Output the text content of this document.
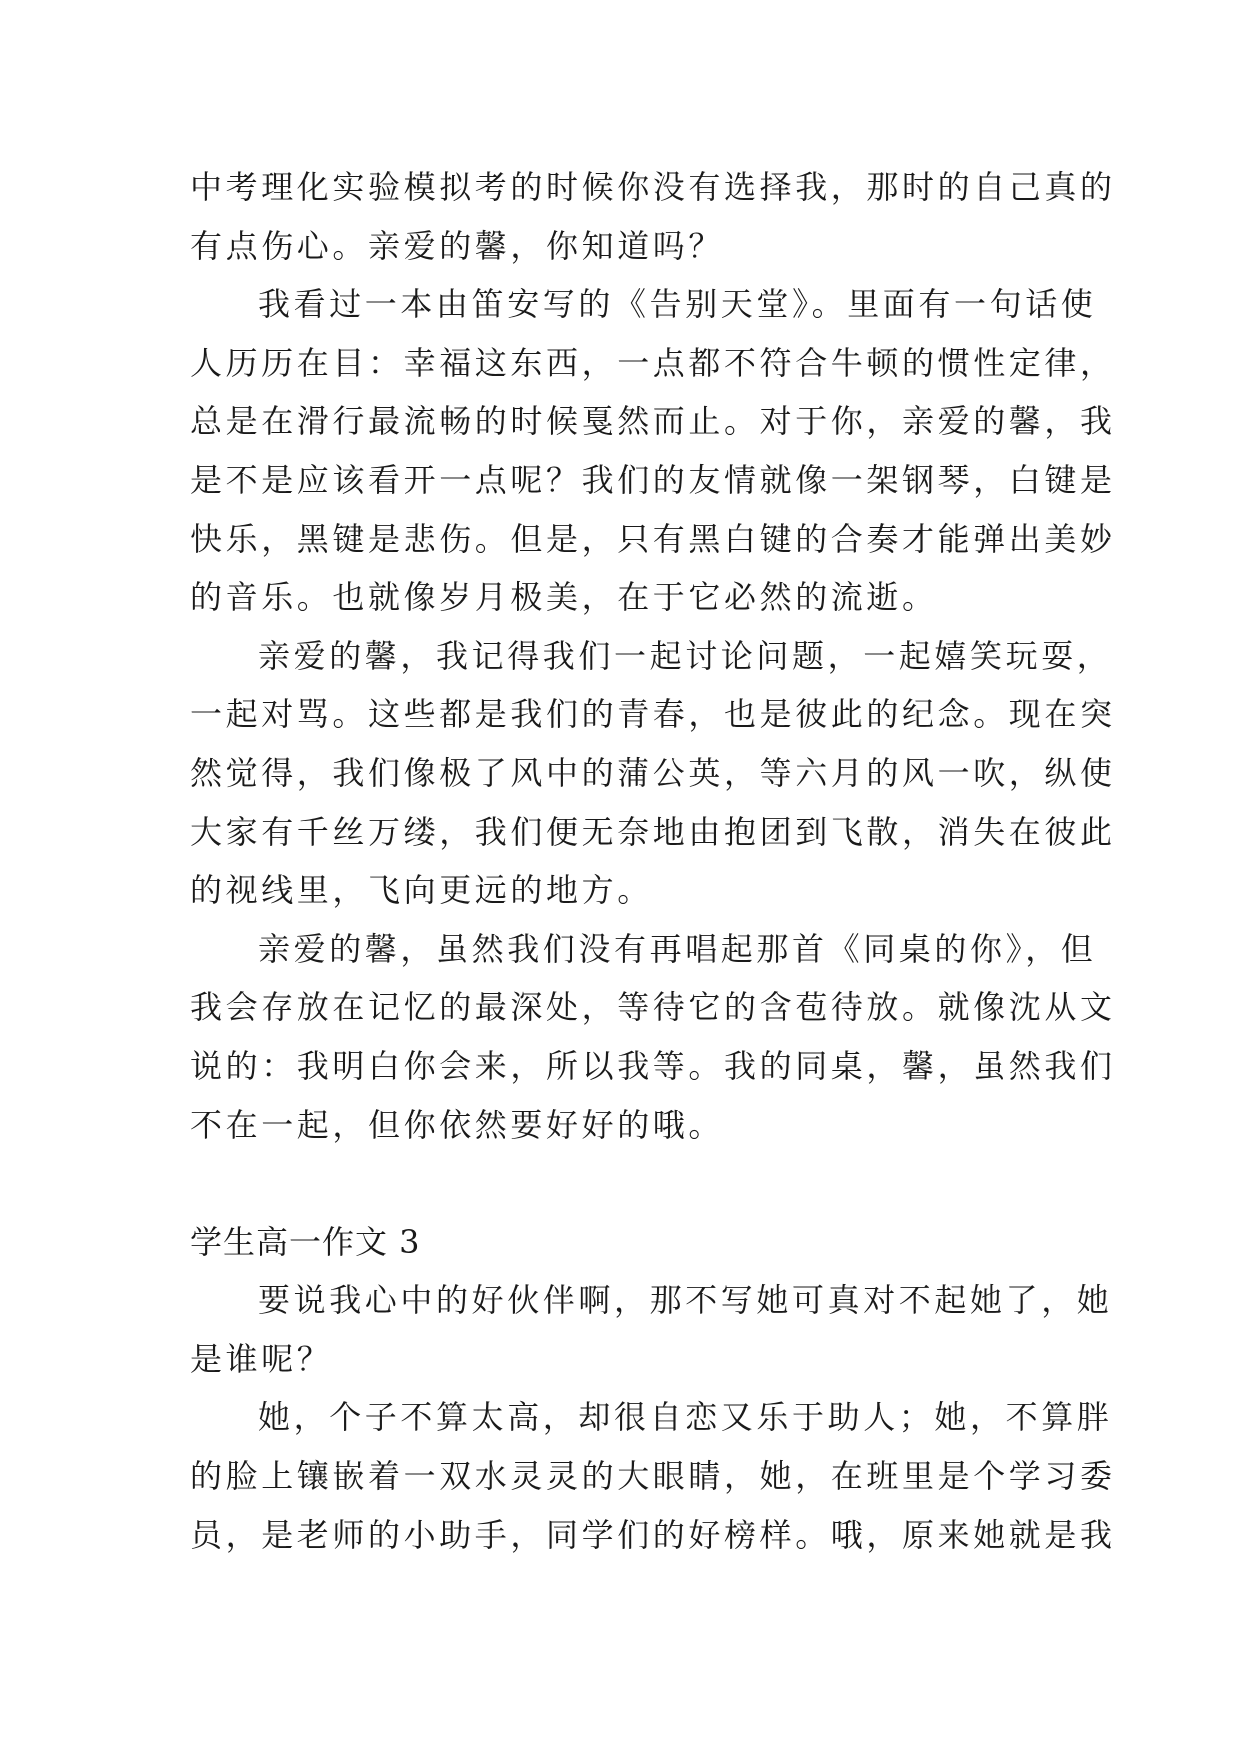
中考理化实验模拟考的时候你没有选择我，那时的自己真的
有点伤心。亲爱的馨，你知道吗？
我看过一本由笛安写的《告别天堂》。里面有一句话使
人历历在目：幸福这东西，一点都不符合牛顿的惯性定律，
总是在滑行最流畅的时候戛然而止。对于你，亲爱的馨，我
是不是应该看开一点呢？我们的友情就像一架钢琴，白键是
快乐，黑键是悲伤。但是，只有黑白键的合奏才能弹出美妙
的音乐。也就像岁月极美，在于它必然的流逝。
亲爱的馨，我记得我们一起讨论问题，一起嬉笑玩耍，
一起对骂。这些都是我们的青春，也是彼此的纪念。现在突
然觉得，我们像极了风中的蒲公英，等六月的风一吹，纵使
大家有千丝万缕，我们便无奈地由抱团到飞散，消失在彼此
的视线里，飞向更远的地方。
亲爱的馨，虽然我们没有再唱起那首《同桌的你》，但
我会存放在记忆的最深处，等待它的含苞待放。就像沈从文
说的：我明白你会来，所以我等。我的同桌，馨，虽然我们
不在一起，但你依然要好好的哦。
学生高一作文 3
要说我心中的好伙伴啊，那不写她可真对不起她了，她
是谁呢？
她，个子不算太高，却很自恋又乐于助人；她，不算胖
的脸上镶嵌着一双水灵灵的大眼睛，她，在班里是个学习委
员，是老师的小助手，同学们的好榜样。哦，原来她就是我
